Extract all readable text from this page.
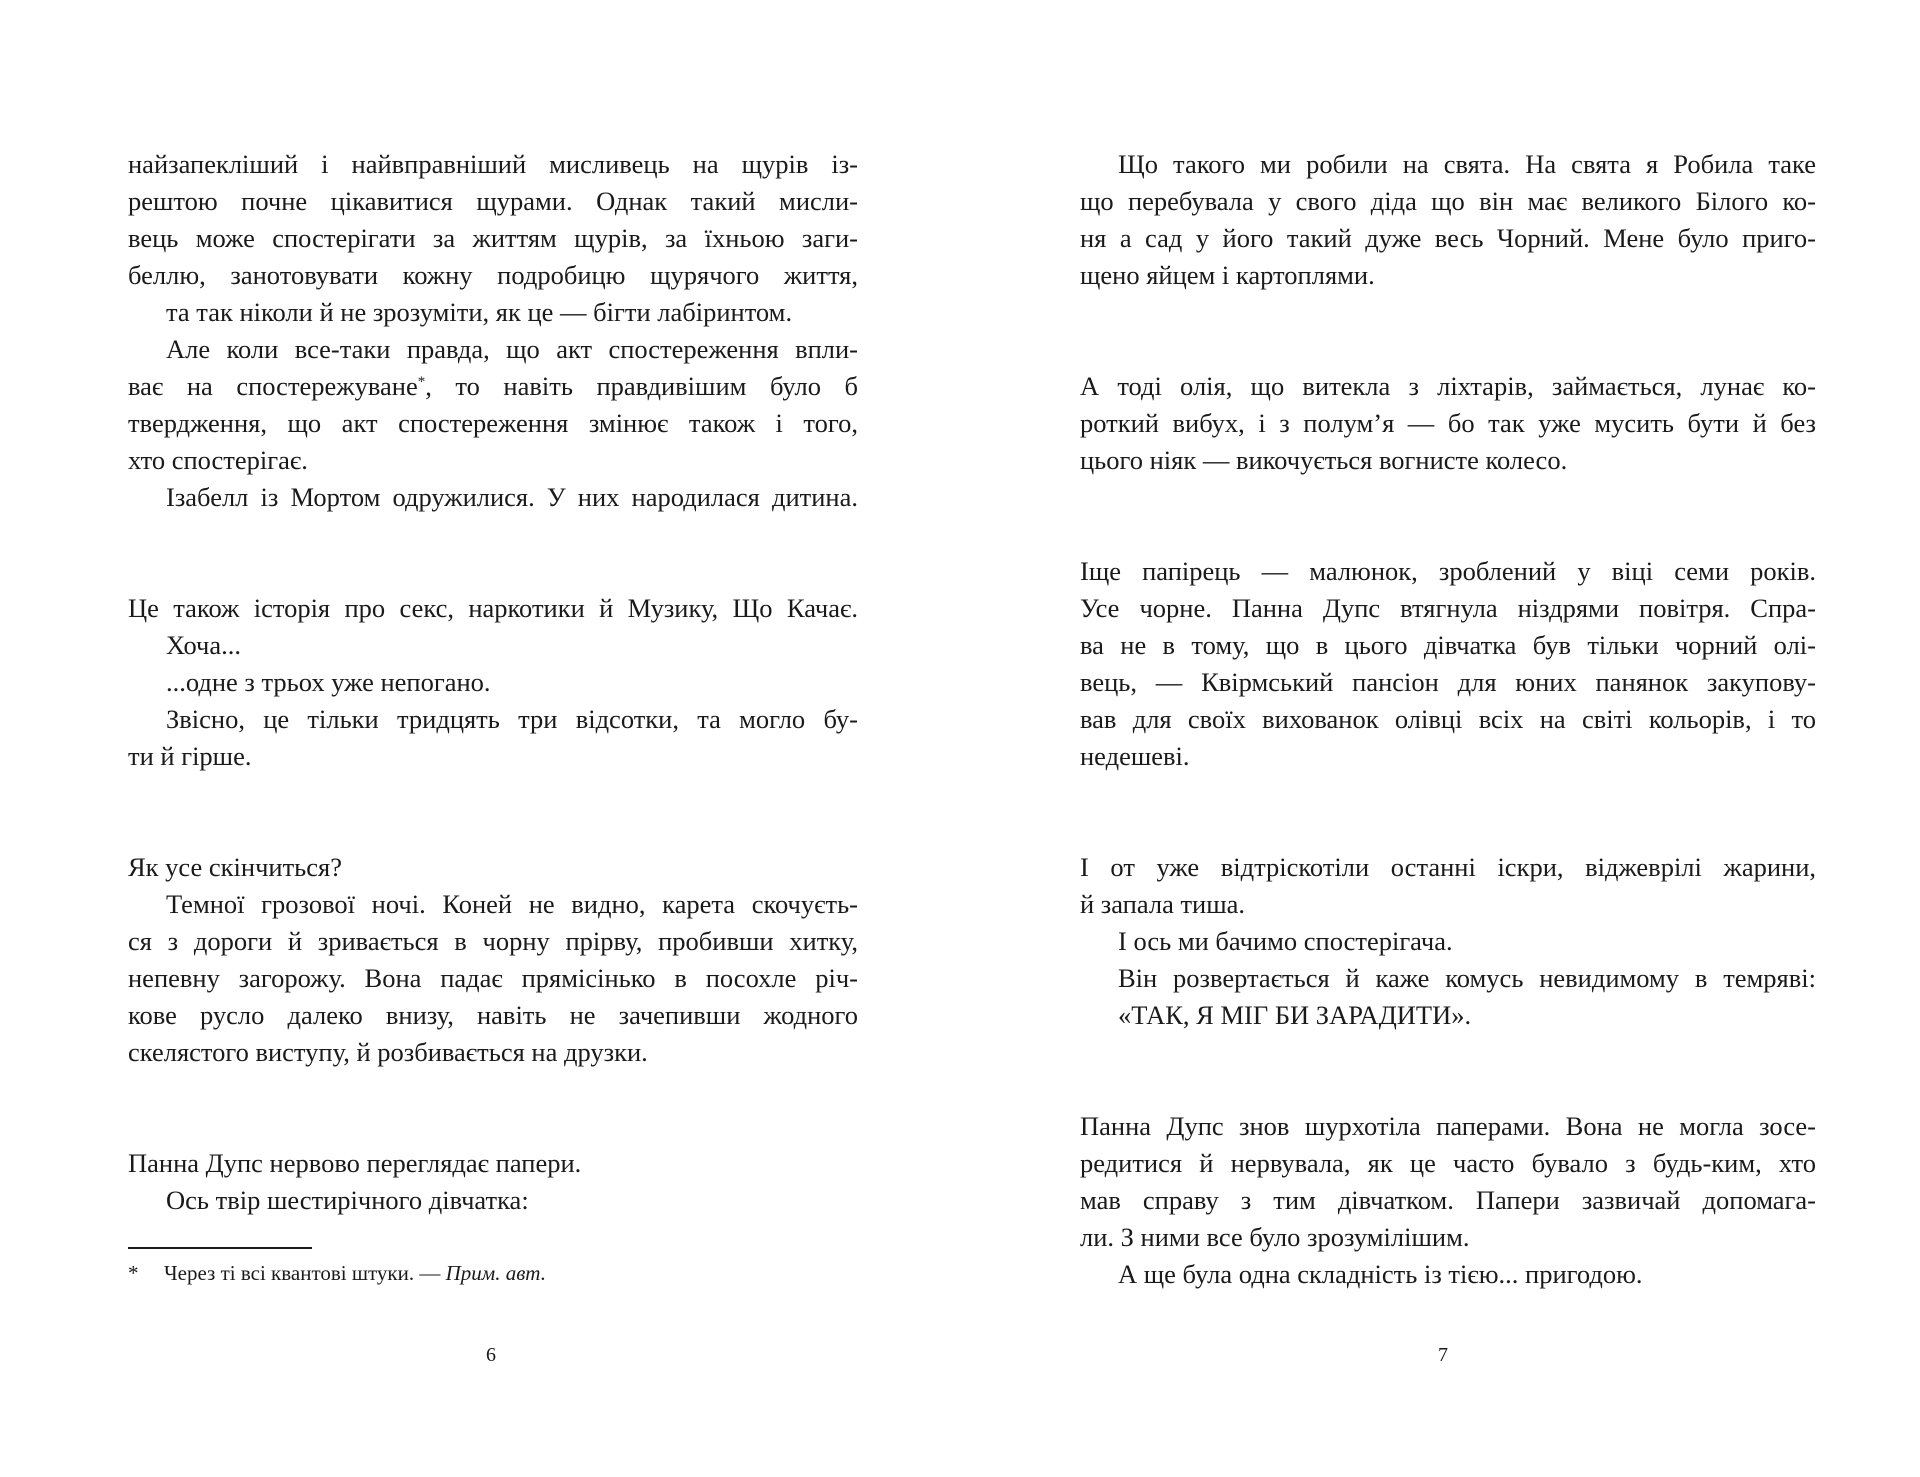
найзапекліший і найвправніший мисливець на щурів із-
рештою почне цікавитися щурами. Однак такий мисли-
вець може спостерігати за життям щурів, за їхньою заги-
беллю, занотовувати кожну подробицю щурячого життя,
та так ніколи й не зрозуміти, як це — бігти лабіринтом.
Але коли все-таки правда, що акт спостереження впли-
ває на спостережуване*, то навіть правдивішим було б
твердження, що акт спостереження змінює також і того,
хто спостерігає.
Ізабелл із Мортом одружилися. У них народилася дитина.
Це також історія про секс, наркотики й Музику, Що Качає.
Хоча...
...одне з трьох уже непогано.
Звісно, це тільки тридцять три відсотки, та могло бу-
ти й гірше.
Як усе скінчиться?
Темної грозової ночі. Коней не видно, карета скочуєть-
ся з дороги й зривається в чорну прірву, пробивши хитку,
непевну загорожу. Вона падає прямісінько в посохле річ-
кове русло далеко внизу, навіть не зачепивши жодного
скелястого виступу, й розбивається на друзки.
Панна Дупс нервово переглядає папери.
Ось твір шестирічного дівчатка:
* Через ті всі квантові штуки. — Прим. авт.
6
Що такого ми робили на свята. На свята я Робила таке
що перебувала у свого діда що він має великого Білого ко-
ня а сад у його такий дуже весь Чорний. Мене було приго-
щено яйцем і картоплями.
А тоді олія, що витекла з ліхтарів, займається, лунає ко-
роткий вибух, і з полум’я — бо так уже мусить бути й без
цього ніяк — викочується вогнисте колесо.
Іще папірець — малюнок, зроблений у віці семи років.
Усе чорне. Панна Дупс втягнула ніздрями повітря. Спра-
ва не в тому, що в цього дівчатка був тільки чорний олі-
вець, — Квірмський пансіон для юних панянок закупову-
вав для своїх вихованок олівці всіх на світі кольорів, і то
недешеві.
І от уже відтріскотіли останні іскри, віджеврілі жарини,
й запала тиша.
І ось ми бачимо спостерігача.
Він розвертається й каже комусь невидимому в темряві:
«ТАК, Я МІГ БИ ЗАРАДИТИ».
Панна Дупс знов шурхотіла паперами. Вона не могла зосе-
редитися й нервувала, як це часто бувало з будь-ким, хто
мав справу з тим дівчатком. Папери зазвичай допомага-
ли. З ними все було зрозумілішим.
А ще була одна складність із тією... пригодою.
7
